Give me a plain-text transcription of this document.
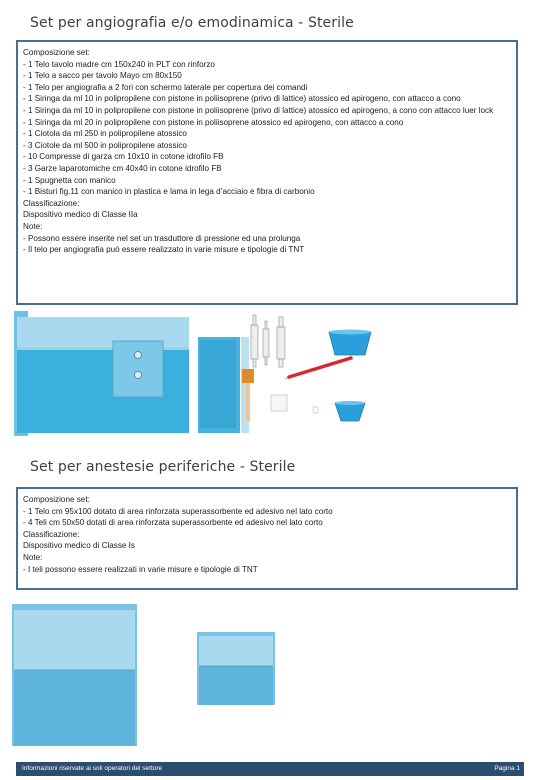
Set per angiografia e/o emodinamica - Sterile
Composizione set:
- 1 Telo tavolo madre cm 150x240 in PLT con rinforzo
- 1 Telo a sacco per tavolo Mayo cm 80x150
- 1 Telo per angiografia a 2 fori con schermo laterale per copertura dei comandi
- 1 Siringa da ml 10 in polipropilene con pistone in poliisoprene (privo di lattice) atossico ed apirogeno, con attacco a cono
- 1 Siringa da ml 10 in polipropilene con pistone in poliisoprene (privo di lattice) atossico ed apirogeno, a cono con attacco luer lock
- 1 Siringa da ml 20 in polipropilene con pistone in poliisoprene atossico ed apirogeno, con attacco a cono
- 1 Ciotola da ml 250 in polipropilene atossico
- 3 Ciotole da ml 500 in polipropilene atossico
- 10 Compresse di garza cm 10x10 in cotone idrofilo FB
- 3 Garze laparotomiche cm 40x40 in cotone idrofilo FB
- 1 Spugnetta con manico
- 1 Bisturi fig.11 con manico in plastica e lama in lega d’acciaio e fibra di carbonio
Classificazione:
Dispositivo medico di Classe IIa
Note:
- Possono essere inserite nel set un trasduttore di pressione ed una prolunga
- Il telo per angiografia può essere realizzato in varie misure e tipologie di TNT
Set per anestesie periferiche - Sterile
Composizione set:
- 1 Telo cm 95x100 dotato di area rinforzata superassorbente ed adesivo nel lato corto
- 4 Teli cm 50x50 dotati di area rinforzata superassorbente ed adesivo nel lato corto
Classificazione:
Dispositivo medico di Classe Is
Note:
- I teli possono essere realizzati in varie misure e tipologie di TNT
Informazioni riservate ai soli operatori del settore	Pagina 1
